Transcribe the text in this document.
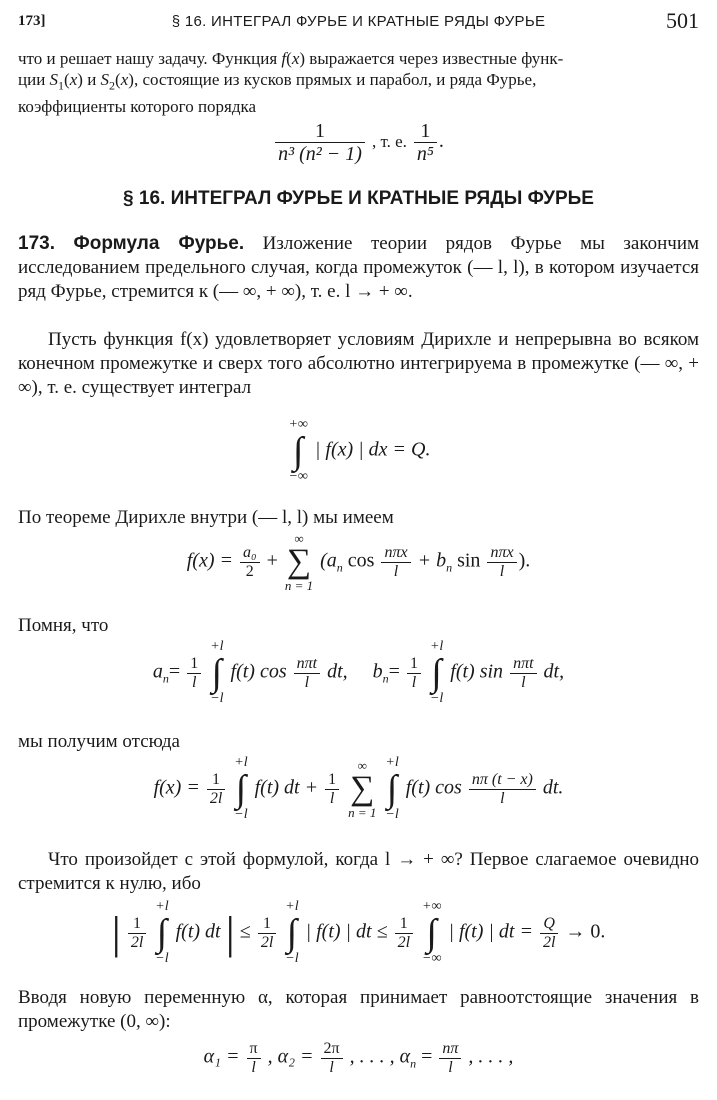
173]	§ 16. ИНТЕГРАЛ ФУРЬЕ И КРАТНЫЕ РЯДЫ ФУРЬЕ	501
что и решает нашу задачу. Функция f(x) выражается через известные функ-
ции $S_1(x)$ и $S_2(x)$, состоящие из кусков прямых и парабол, и ряда Фурье,
коэффициенты которого порядка
$\frac{1}{\text{n³ (n² − 1)}}$ , т. е. $\frac{1}{\text{n⁵}}$ .
§ 16. ИНТЕГРАЛ ФУРЬЕ И КРАТНЫЕ РЯДЫ ФУРЬЕ
173. Формула Фурье. Изложение теории рядов Фурье мы закончим исследованием предельного случая, когда промежуток (— l, l), в котором изучается ряд Фурье, стремится к (— ∞, + ∞), т. е. l → + ∞.
Пусть функция f(x) удовлетворяет условиям Дирихле и непрерывна во всяком конечном промежутке и сверх того абсолютно интегрируема в промежутке (— ∞, + ∞), т. е. существует интеграл
+∞
∫
−∞
| f(x) | dx = Q.
По теореме Дирихле внутри (— l, l) мы имеем
$f(x) = \frac{\text{a₀}}{2}$ +
∞
∑
n = 1
($a_n$ $\cos \frac{\text{nπx}}{l} + b_n$ $\sin \frac{\text{nπx}}{l}$ ).
Помня, что
$a_n= \frac{1}{l}$

+l
∫
−l
f(t) $\cos \frac{\text{nπt}}{l}$ dt, $b_n= \frac{1}{l}$

+l
∫
−l
f(t) $\sin \frac{\text{nπt}}{l}$ dt,
мы получим отсюда
$f(x) = \frac{1}{2l}$

+l
∫
−l
f(t) dt + $\frac{1}{l}$

∞
∑
n = 1

+l
∫
−l
f(t) $\cos \frac{n\pi (t - x)}{l}$ dt.
Что произойдет с этой формулой, когда l → + ∞? Первое слагаемое очевидно стремится к нулю, ибо
| $\frac{1}{2l}$

+l
∫
−l
f(t) dt | ≤ $\frac{1}{2l}$

+l
∫
−l
| f(t) | dt ≤ $\frac{1}{2l}$

+∞
∫
−∞
| f(t) | dt = $\frac{Q}{2l} \to 0$.
Вводя новую переменную α, которая принимает равноотстоящие значения в промежутке (0, ∞):
$\alpha_1 = \frac{\pi}{l}$ , $\alpha_2 = \frac{2\pi}{l}$ , . . . , $\alpha_n = \frac{n\pi}{l}$ , . . . ,
